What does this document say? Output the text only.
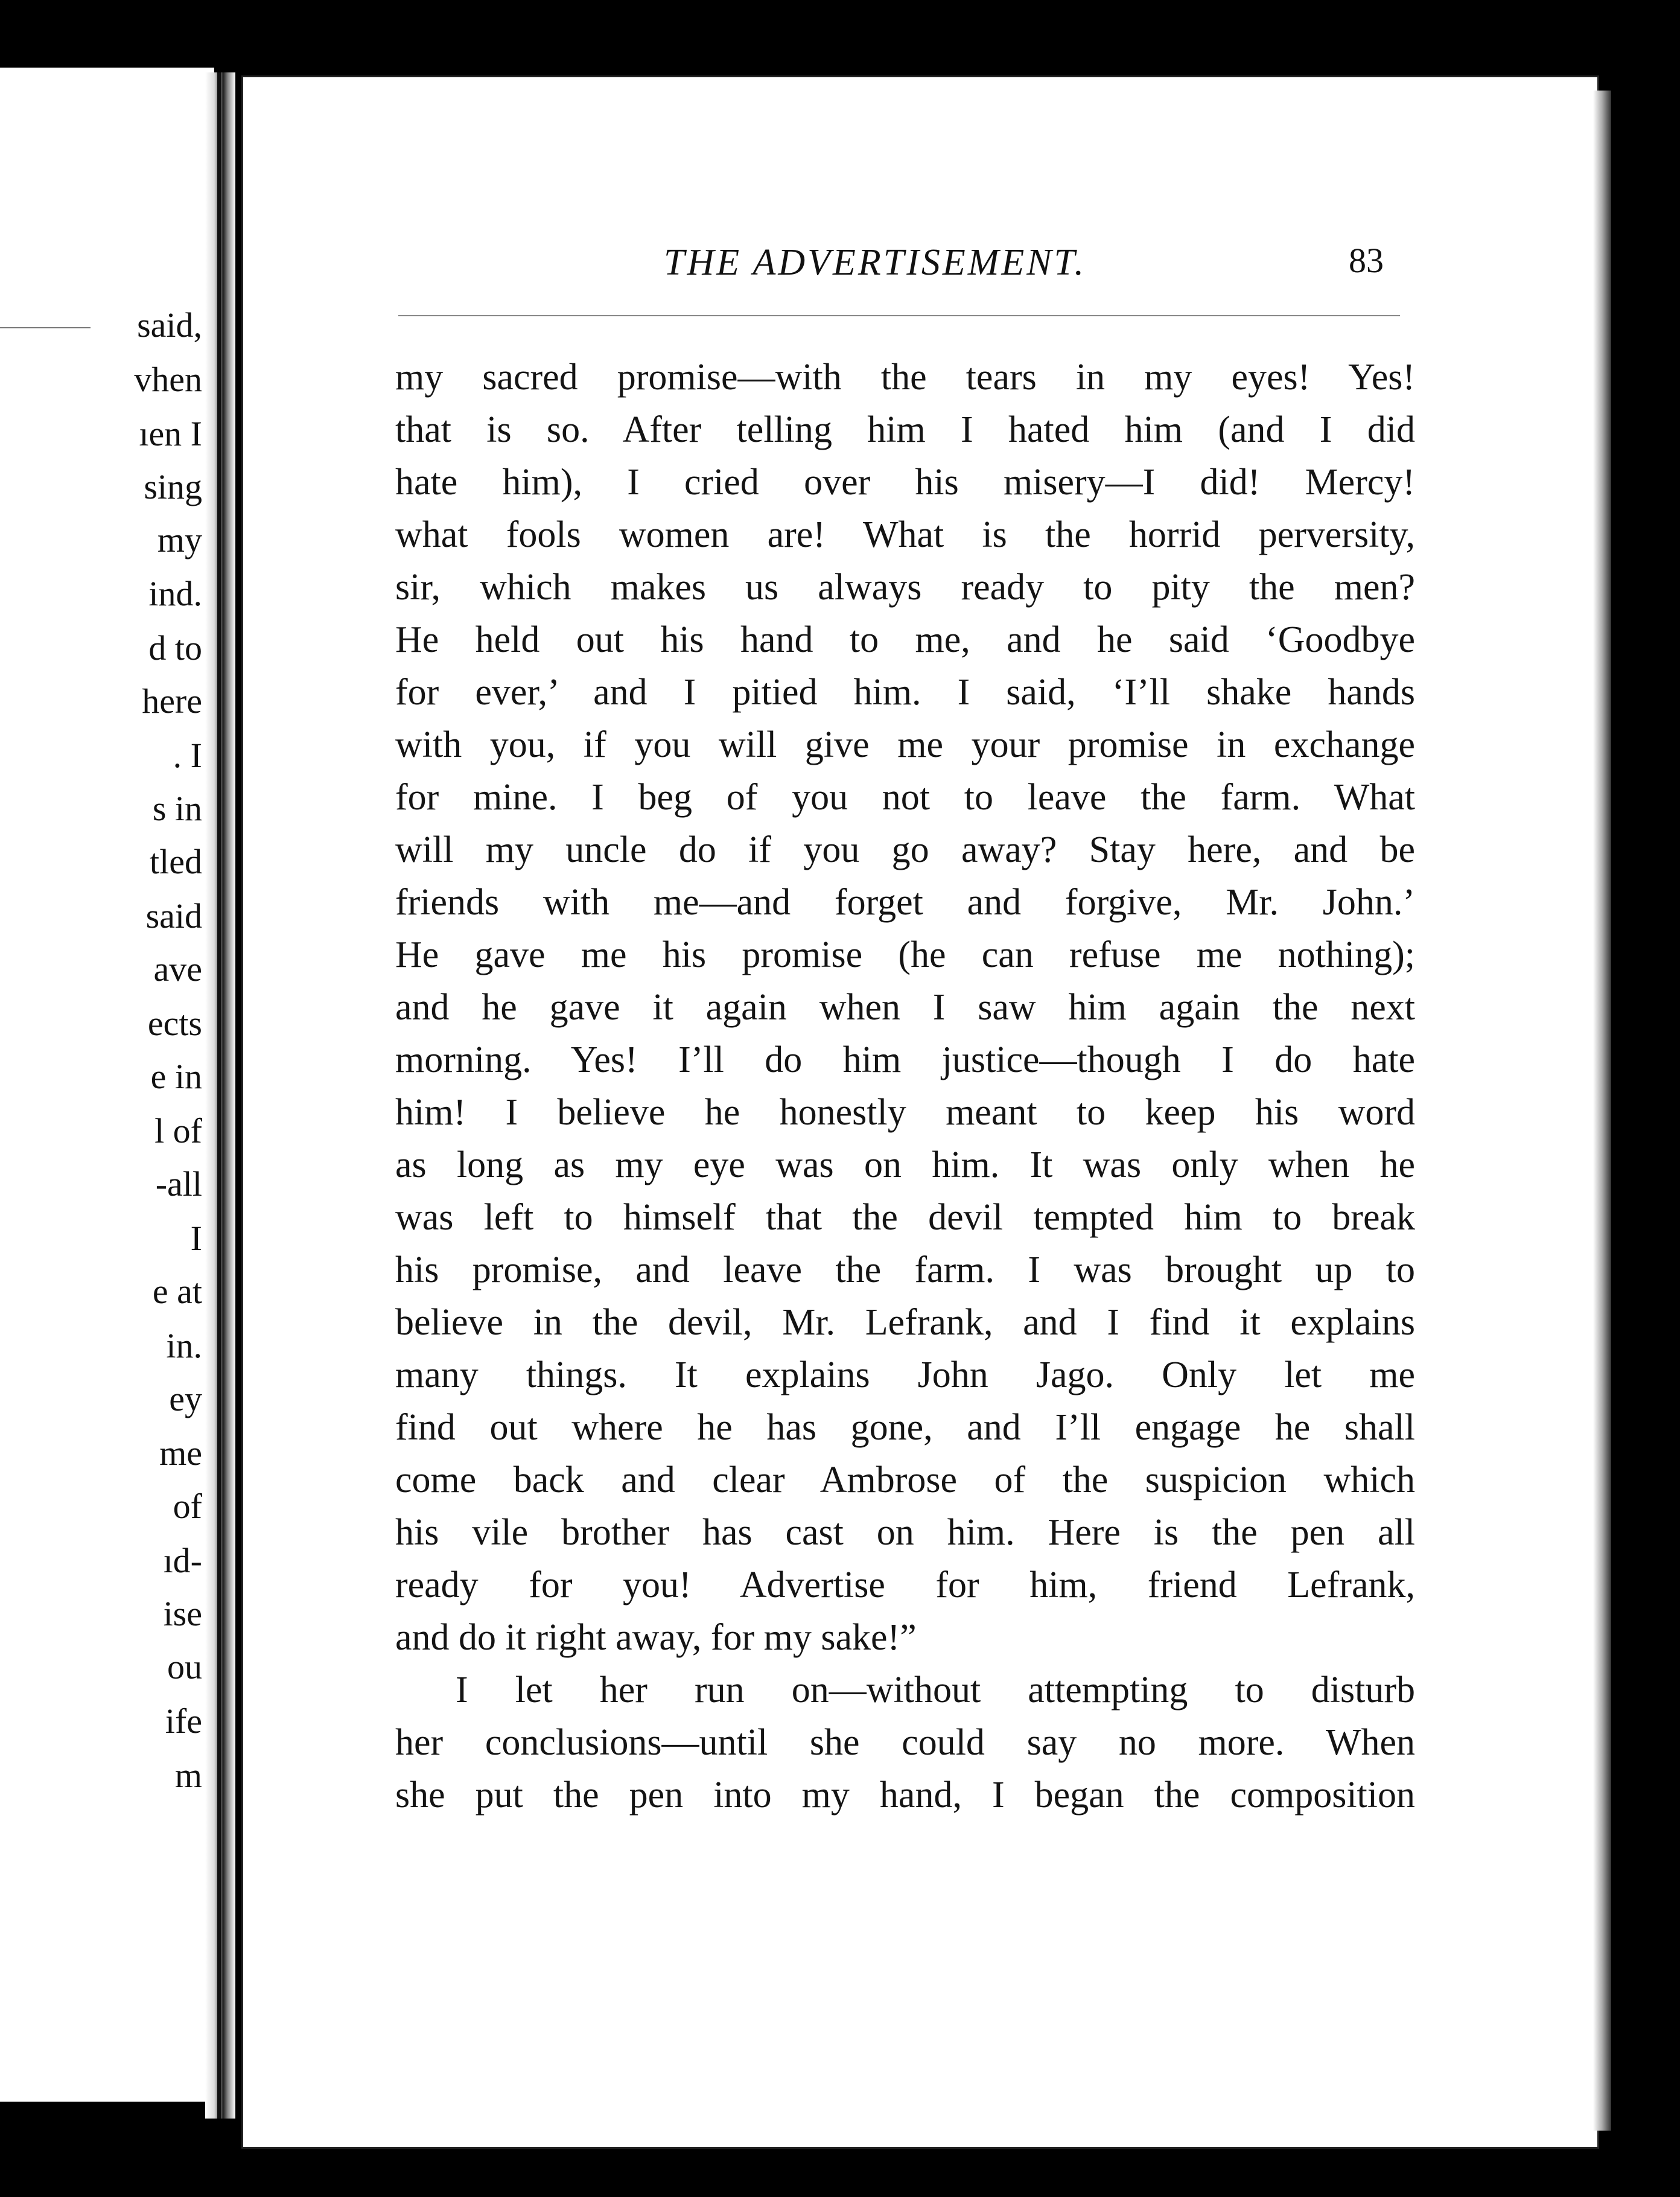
said,
vhen
ıen I
sing
my
ind.
d to
here
. I
s in
tled
said
ave
ects
e in
l of
-all
I
e at
in.
ey
me
of
ıd-
ise
ou
ife
m
THE ADVERTISEMENT.	83
my sacred promise—with the tears in my eyes! Yes!
that is so. After telling him I hated him (and I did
hate him), I cried over his misery—I did! Mercy!
what fools women are! What is the horrid perversity,
sir, which makes us always ready to pity the men?
He held out his hand to me, and he said ‘Goodbye
for ever,’ and I pitied him. I said, ‘I’ll shake hands
with you, if you will give me your promise in exchange
for mine. I beg of you not to leave the farm. What
will my uncle do if you go away? Stay here, and be
friends with me—and forget and forgive, Mr. John.’
He gave me his promise (he can refuse me nothing);
and he gave it again when I saw him again the next
morning. Yes! I’ll do him justice—though I do hate
him! I believe he honestly meant to keep his word
as long as my eye was on him. It was only when he
was left to himself that the devil tempted him to break
his promise, and leave the farm. I was brought up to
believe in the devil, Mr. Lefrank, and I find it explains
many things. It explains John Jago. Only let me
find out where he has gone, and I’ll engage he shall
come back and clear Ambrose of the suspicion which
his vile brother has cast on him. Here is the pen all
ready for you! Advertise for him, friend Lefrank,
and do it right away, for my sake!”
I let her run on—without attempting to disturb
her conclusions—until she could say no more. When
she put the pen into my hand, I began the composition
